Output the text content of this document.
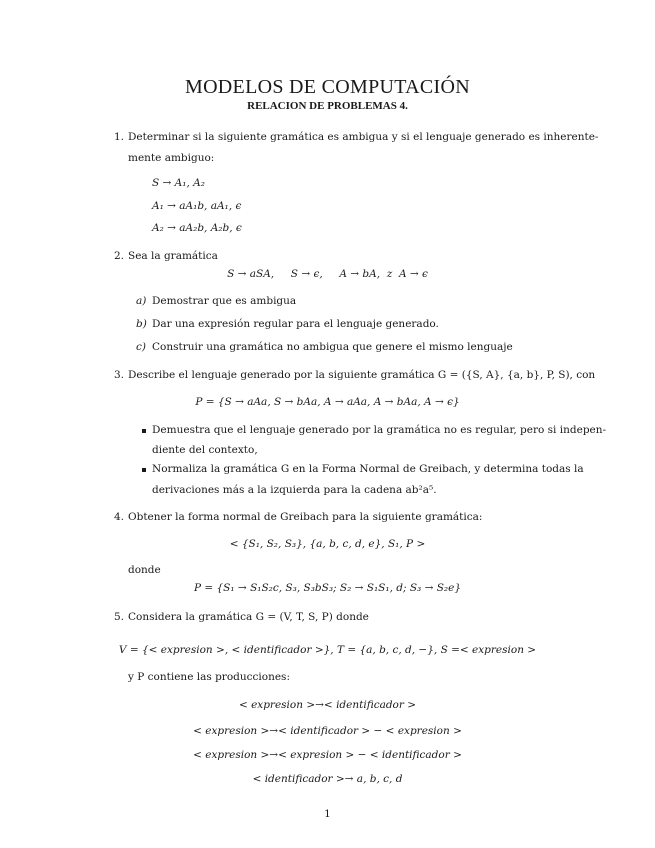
MODELOS DE COMPUTACIÓN
RELACION DE PROBLEMAS 4.
1. Determinar si la siguiente gramática es ambigua y si el lenguaje generado es inherente-
mente ambiguo:
S → A₁, A₂
A₁ → aA₁b, aA₁, ϵ
A₂ → aA₂b, A₂b, ϵ
2. Sea la gramática
S → aSA,     S → ϵ,     A → bA,  z  A → ϵ
a) Demostrar que es ambigua
b) Dar una expresión regular para el lenguaje generado.
c) Construir una gramática no ambigua que genere el mismo lenguaje
3. Describe el lenguaje generado por la siguiente gramática G = ({S, A}, {a, b}, P, S), con
P = {S → aAa, S → bAa, A → aAa, A → bAa, A → ϵ}
Demuestra que el lenguaje generado por la gramática no es regular, pero si indepen-
diente del contexto,
Normaliza la gramática G en la Forma Normal de Greibach, y determina todas la
derivaciones más a la izquierda para la cadena ab²a⁵.
4. Obtener la forma normal de Greibach para la siguiente gramática:
< {S₁, S₂, S₃}, {a, b, c, d, e}, S₁, P >
donde
P = {S₁ → S₁S₂c, S₃, S₃bS₃; S₂ → S₁S₁, d; S₃ → S₂e}
5. Considera la gramática G = (V, T, S, P) donde
V = {< expresion >, < identificador >}, T = {a, b, c, d, −}, S =< expresion >
y P contiene las producciones:
< expresion >→< identificador >
< expresion >→< identificador > − < expresion >
< expresion >→< expresion > − < identificador >
< identificador >→ a, b, c, d
1
